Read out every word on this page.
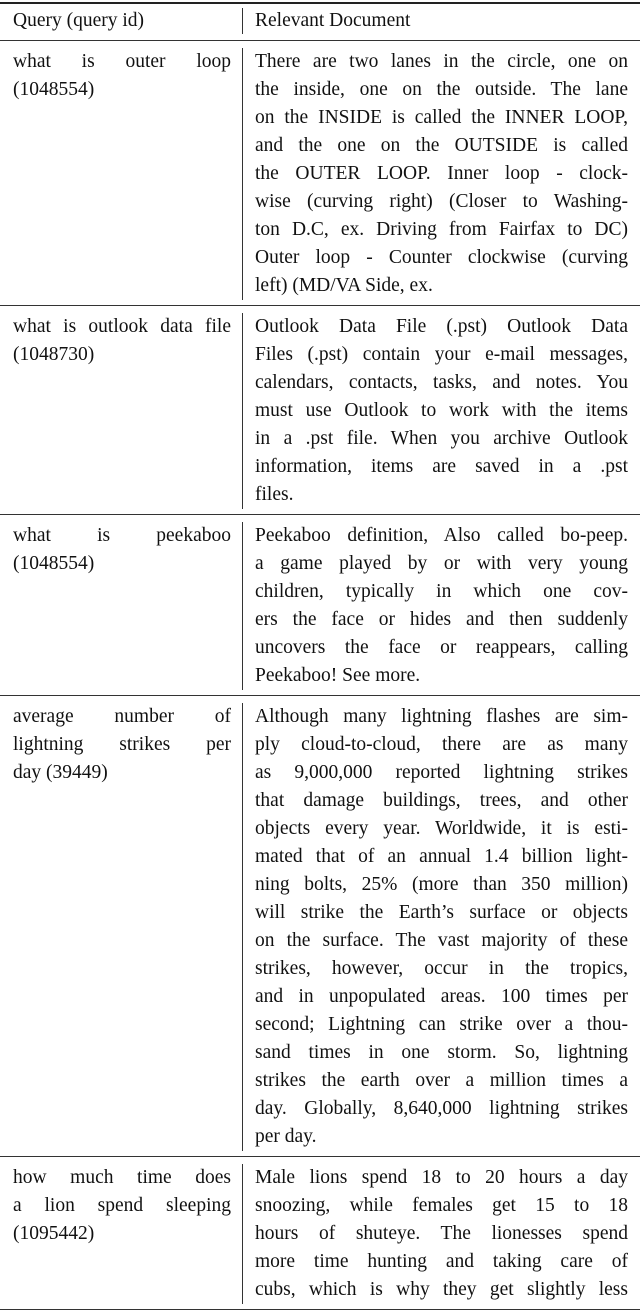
Query (query id)	Relevant Document
what is outer loop
(1048554)
There are two lanes in the circle, one on
the inside, one on the outside. The lane
on the INSIDE is called the INNER LOOP,
and the one on the OUTSIDE is called
the OUTER LOOP. Inner loop - clock-
wise (curving right) (Closer to Washing-
ton D.C, ex. Driving from Fairfax to DC)
Outer loop - Counter clockwise (curving
left) (MD/VA Side, ex.
what is outlook data file
(1048730)
Outlook Data File (.pst) Outlook Data
Files (.pst) contain your e-mail messages,
calendars, contacts, tasks, and notes. You
must use Outlook to work with the items
in a .pst file. When you archive Outlook
information, items are saved in a .pst
files.
what is peekaboo
(1048554)
Peekaboo definition, Also called bo-peep.
a game played by or with very young
children, typically in which one cov-
ers the face or hides and then suddenly
uncovers the face or reappears, calling
Peekaboo! See more.
average number of
lightning strikes per
day (39449)
Although many lightning flashes are sim-
ply cloud-to-cloud, there are as many
as 9,000,000 reported lightning strikes
that damage buildings, trees, and other
objects every year. Worldwide, it is esti-
mated that of an annual 1.4 billion light-
ning bolts, 25% (more than 350 million)
will strike the Earth’s surface or objects
on the surface. The vast majority of these
strikes, however, occur in the tropics,
and in unpopulated areas. 100 times per
second; Lightning can strike over a thou-
sand times in one storm. So, lightning
strikes the earth over a million times a
day. Globally, 8,640,000 lightning strikes
per day.
how much time does
a lion spend sleeping
(1095442)
Male lions spend 18 to 20 hours a day
snoozing, while females get 15 to 18
hours of shuteye. The lionesses spend
more time hunting and taking care of
cubs, which is why they get slightly less
